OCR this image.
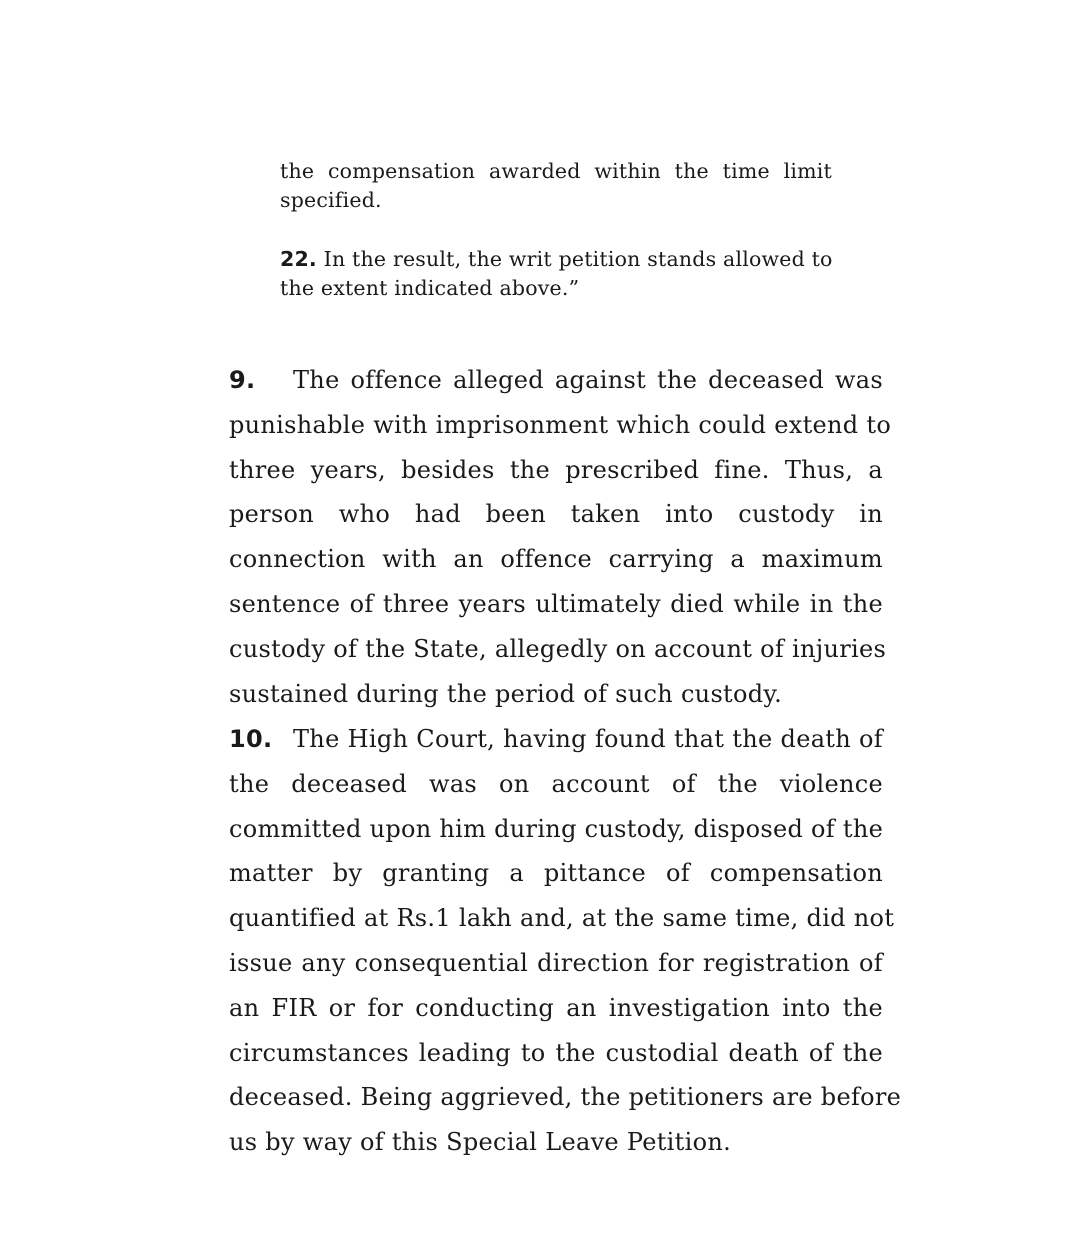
the compensation awarded within the time limit
specified.
22. In the result, the writ petition stands allowed to
the extent indicated above.”
9. The offence alleged against the deceased was
punishable with imprisonment which could extend to
three years, besides the prescribed fine. Thus, a
person who had been taken into custody in
connection with an offence carrying a maximum
sentence of three years ultimately died while in the
custody of the State, allegedly on account of injuries
sustained during the period of such custody.
10. The High Court, having found that the death of
the deceased was on account of the violence
committed upon him during custody, disposed of the
matter by granting a pittance of compensation
quantified at Rs.1 lakh and, at the same time, did not
issue any consequential direction for registration of
an FIR or for conducting an investigation into the
circumstances leading to the custodial death of the
deceased. Being aggrieved, the petitioners are before
us by way of this Special Leave Petition.
